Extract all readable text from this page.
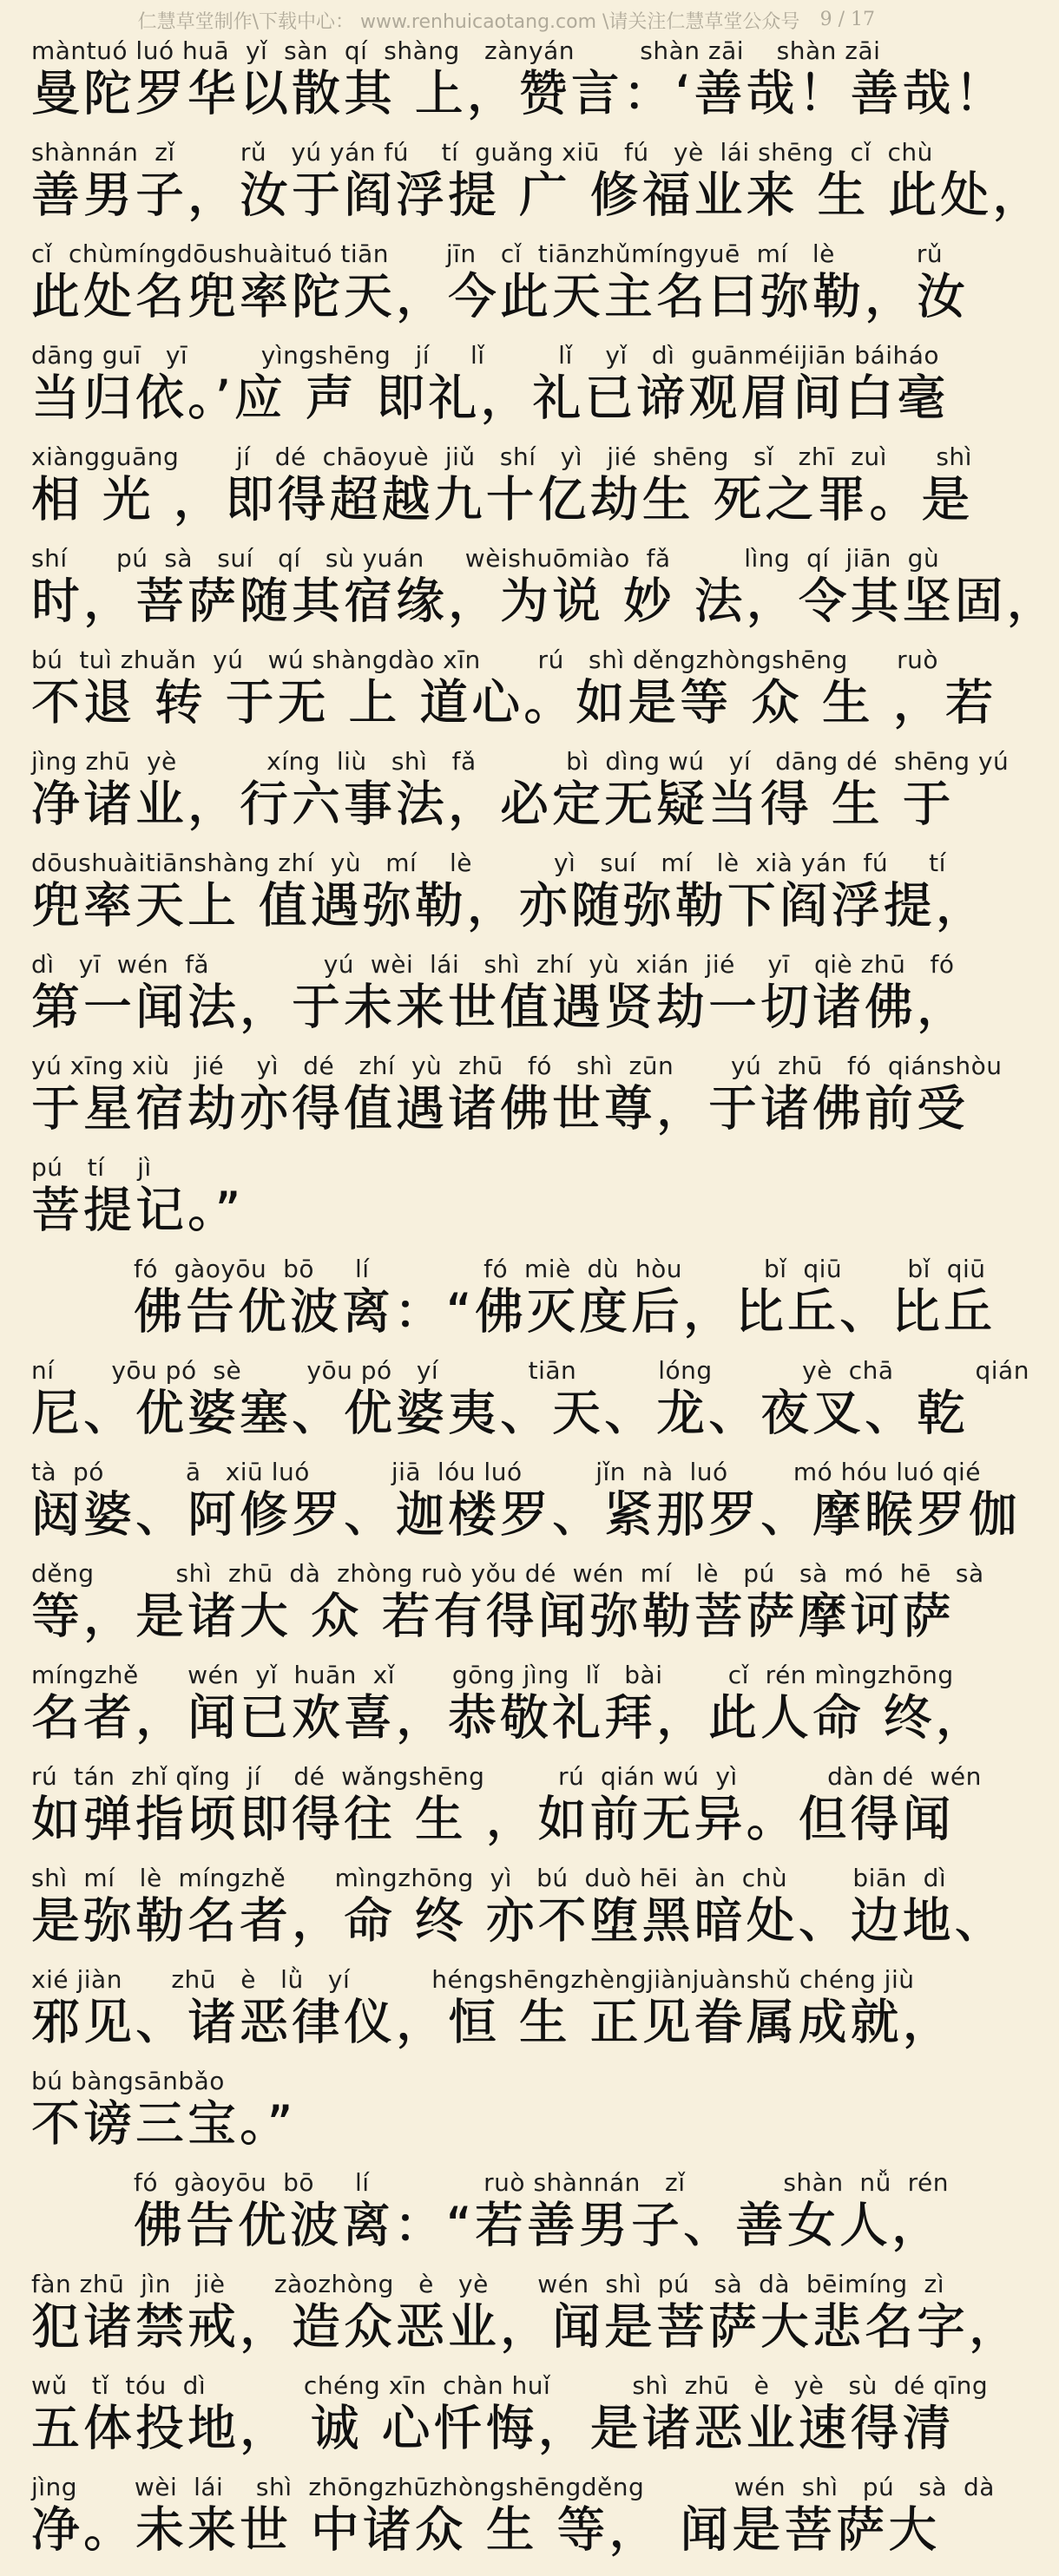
仁慧草堂制作\下载中心： www.renhuicaotang.com \请关注仁慧草堂公众号 9 / 17
màntuó luó huā  yǐ  sàn  qí  shàng   zànyán        shàn zāi    shàn zāi
曼陀罗华以散其 上，赞言：‘善哉！善哉！
shànnán  zǐ        rǔ   yú yán fú    tí  guǎng xiū   fú   yè  lái shēng  cǐ  chù
善男子，汝于阎浮提 广 修福业来 生 此处，
cǐ  chùmíngdōushuàituó tiān       jīn   cǐ  tiānzhǔmíngyuē  mí   lè          rǔ
此处名兜率陀天，今此天主名曰弥勒，汝
dāng guī   yī         yìngshēng   jí     lǐ         lǐ    yǐ   dì  guānméijiān báiháo
当归依。’应 声 即礼，礼已谛观眉间白毫
xiàngguāng       jí   dé  chāoyuè  jiǔ   shí   yì   jié  shēng   sǐ   zhī  zuì      shì
相 光 ，即得超越九十亿劫生 死之罪。是
shí      pú  sà   suí   qí   sù yuán     wèishuōmiào  fǎ         lìng  qí  jiān  gù
时，菩萨随其宿缘，为说 妙 法，令其坚固，
bú  tuì zhuǎn  yú   wú shàngdào xīn       rú   shì děngzhòngshēng      ruò
不退 转 于无 上 道心。如是等 众 生 ，若
jìng zhū  yè           xíng  liù   shì   fǎ           bì  dìng wú   yí   dāng dé  shēng yú
净诸业，行六事法，必定无疑当得 生 于
dōushuàitiānshàng zhí  yù   mí    lè          yì   suí   mí   lè  xià yán  fú     tí
兜率天上 值遇弥勒，亦随弥勒下阎浮提，
dì   yī  wén  fǎ              yú  wèi  lái   shì  zhí  yù  xián  jié    yī   qiè zhū   fó
第一闻法，于未来世值遇贤劫一切诸佛，
yú xīng xiù   jié    yì   dé   zhí  yù  zhū   fó   shì  zūn       yú  zhū   fó  qiánshòu
于星宿劫亦得值遇诸佛世尊，于诸佛前受
pú   tí    jì
菩提记。”
fó  gàoyōu  bō     lí              fó  miè  dù  hòu          bǐ  qiū        bǐ  qiū
佛告优波离：“佛灭度后，比丘、比丘
ní       yōu pó  sè        yōu pó   yí           tiān          lóng           yè  chā          qián
尼、优婆塞、优婆夷、天、龙、夜叉、乾
tà  pó          ā   xiū luó          jiā  lóu luó         jǐn  nà  luó        mó hóu luó qié
闼婆、阿修罗、迦楼罗、紧那罗、摩睺罗伽
děng          shì  zhū  dà  zhòng ruò yǒu dé  wén  mí   lè   pú   sà  mó  hē   sà
等，是诸大 众 若有得闻弥勒菩萨摩诃萨
míngzhě      wén  yǐ  huān  xǐ       gōng jìng  lǐ   bài        cǐ  rén mìngzhōng
名者，闻已欢喜，恭敬礼拜，此人命 终，
rú  tán  zhǐ qǐng  jí    dé  wǎngshēng         rú  qián wú  yì           dàn dé  wén
如弹指顷即得往 生 ，如前无异。但得闻
shì  mí   lè  míngzhě      mìngzhōng  yì   bú  duò hēi  àn  chù        biān  dì
是弥勒名者，命 终 亦不堕黑暗处、边地、
xié jiàn      zhū   è   lǜ   yí          héngshēngzhèngjiànjuànshǔ chéng jiù
邪见、诸恶律仪，恒 生 正见眷属成就，
bú bàngsānbǎo
不谤三宝。”
fó  gàoyōu  bō     lí              ruò shànnán   zǐ            shàn  nǚ  rén
佛告优波离：“若善男子、善女人，
fàn zhū  jìn   jiè      zàozhòng   è   yè      wén  shì  pú   sà  dà  bēimíng  zì
犯诸禁戒，造众恶业，闻是菩萨大悲名字，
wǔ   tǐ  tóu  dì            chéng xīn  chàn huǐ          shì  zhū   è   yè   sù  dé qīng
五体投地， 诚 心忏悔，是诸恶业速得清
jìng       wèi  lái    shì  zhōngzhūzhòngshēngděng           wén  shì   pú   sà  dà
净。未来世 中诸众 生 等， 闻是菩萨大
